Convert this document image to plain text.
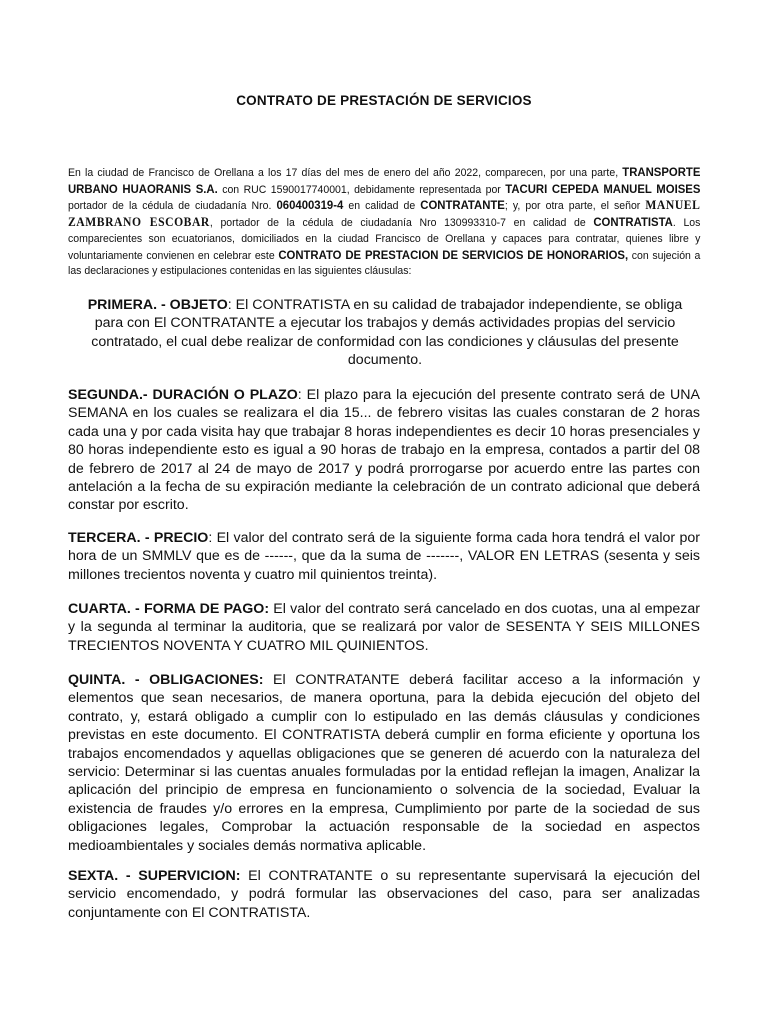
CONTRATO DE PRESTACIÓN DE SERVICIOS
En la ciudad de Francisco de Orellana a los 17 días del mes de enero del año 2022, comparecen, por una parte, TRANSPORTE URBANO HUAORANIS S.A. con RUC 1590017740001, debidamente representada por TACURI CEPEDA MANUEL MOISES portador de la cédula de ciudadanía Nro. 060400319-4 en calidad de CONTRATANTE; y, por otra parte, el señor MANUEL ZAMBRANO ESCOBAR, portador de la cédula de ciudadanía Nro 130993310-7 en calidad de CONTRATISTA. Los comparecientes son ecuatorianos, domiciliados en la ciudad Francisco de Orellana y capaces para contratar, quienes libre y voluntariamente convienen en celebrar este CONTRATO DE PRESTACION DE SERVICIOS DE HONORARIOS, con sujeción a las declaraciones y estipulaciones contenidas en las siguientes cláusulas:
PRIMERA. - OBJETO: El CONTRATISTA en su calidad de trabajador independiente, se obliga para con El CONTRATANTE a ejecutar los trabajos y demás actividades propias del servicio contratado, el cual debe realizar de conformidad con las condiciones y cláusulas del presente documento.
SEGUNDA.- DURACIÓN O PLAZO: El plazo para la ejecución del presente contrato será de UNA SEMANA en los cuales se realizara el dia 15... de febrero visitas las cuales constaran de 2 horas cada una y por cada visita hay que trabajar 8 horas independientes es decir 10 horas presenciales y 80 horas independiente esto es igual a 90 horas de trabajo en la empresa, contados a partir del 08 de febrero de 2017 al 24 de mayo de 2017 y podrá prorrogarse por acuerdo entre las partes con antelación a la fecha de su expiración mediante la celebración de un contrato adicional que deberá constar por escrito.
TERCERA. - PRECIO: El valor del contrato será de la siguiente forma cada hora tendrá el valor por hora de un SMMLV que es de ------, que da la suma de -------, VALOR EN LETRAS (sesenta y seis millones trecientos noventa y cuatro mil quinientos treinta).
CUARTA. - FORMA DE PAGO: El valor del contrato será cancelado en dos cuotas, una al empezar y la segunda al terminar la auditoria, que se realizará por valor de SESENTA Y SEIS MILLONES TRECIENTOS NOVENTA Y CUATRO MIL QUINIENTOS.
QUINTA. - OBLIGACIONES: El CONTRATANTE deberá facilitar acceso a la información y elementos que sean necesarios, de manera oportuna, para la debida ejecución del objeto del contrato, y, estará obligado a cumplir con lo estipulado en las demás cláusulas y condiciones previstas en este documento. El CONTRATISTA deberá cumplir en forma eficiente y oportuna los trabajos encomendados y aquellas obligaciones que se generen dé acuerdo con la naturaleza del servicio: Determinar si las cuentas anuales formuladas por la entidad reflejan la imagen, Analizar la aplicación del principio de empresa en funcionamiento o solvencia de la sociedad, Evaluar la existencia de fraudes y/o errores en la empresa, Cumplimiento por parte de la sociedad de sus obligaciones legales, Comprobar la actuación responsable de la sociedad en aspectos medioambientales y sociales demás normativa aplicable.
SEXTA. - SUPERVICION: El CONTRATANTE o su representante supervisará la ejecución del servicio encomendado, y podrá formular las observaciones del caso, para ser analizadas conjuntamente con El CONTRATISTA.
